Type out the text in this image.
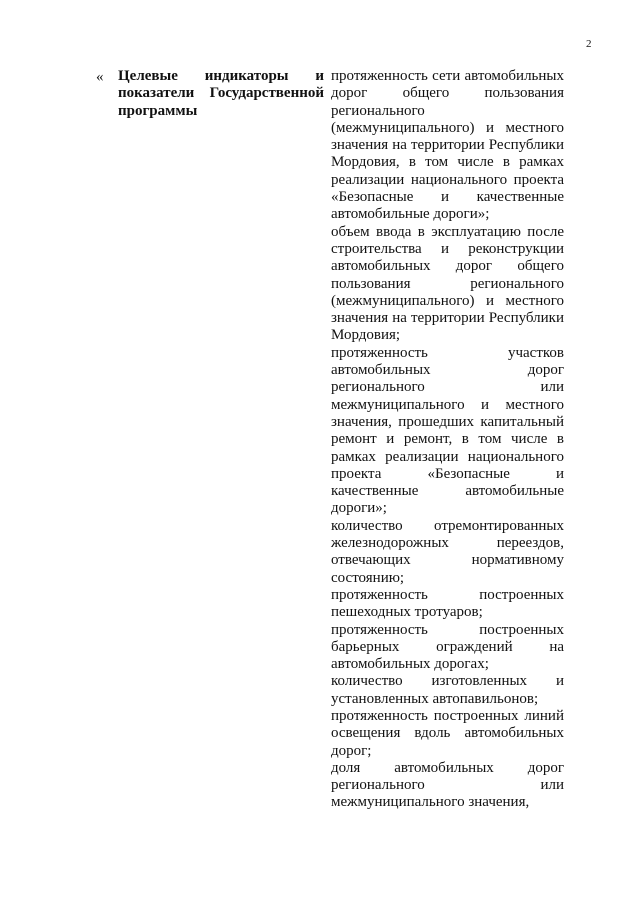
2
« Целевые индикаторы и показатели Государственной программы

протяженность сети автомобильных дорог общего пользования регионального (межмуниципального) и местного значения на территории Республики Мордовия, в том числе в рамках реализации национального проекта «Безопасные и качественные автомобильные дороги»;

объем ввода в эксплуатацию после строительства и реконструкции автомобильных дорог общего пользования регионального (межмуниципального) и местного значения на территории Республики Мордовия;

протяженность участков автомобильных дорог регионального или межмуниципального и местного значения, прошедших капитальный ремонт и ремонт, в том числе в рамках реализации национального проекта «Безопасные и качественные автомобильные дороги»;

количество отремонтированных железнодорожных переездов, отвечающих нормативному состоянию;

протяженность построенных пешеходных тротуаров;

протяженность построенных барьерных ограждений на автомобильных дорогах;

количество изготовленных и установленных автопавильонов;

протяженность построенных линий освещения вдоль автомобильных дорог;

доля автомобильных дорог регионального или межмуниципального значения,
